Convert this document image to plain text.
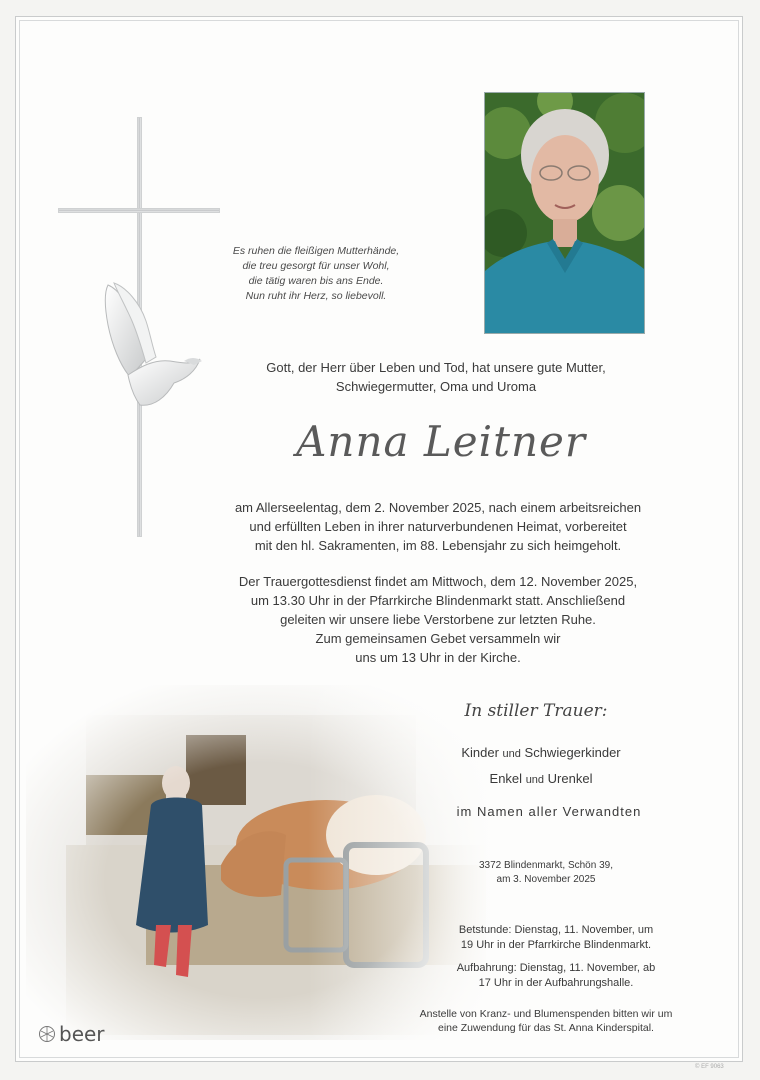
Es ruhen die fleißigen Mutterhände,
die treu gesorgt für unser Wohl,
die tätig waren bis ans Ende.
Nun ruht ihr Herz, so liebevoll.
Gott, der Herr über Leben und Tod, hat unsere gute Mutter,
Schwiegermutter, Oma und Uroma
Anna Leitner
am Allerseelentag, dem 2. November 2025, nach einem arbeitsreichen
und erfüllten Leben in ihrer naturverbundenen Heimat, vorbereitet
mit den hl. Sakramenten, im 88. Lebensjahr zu sich heimgeholt.
Der Trauergottesdienst findet am Mittwoch, dem 12. November 2025,
um 13.30 Uhr in der Pfarrkirche Blindenmarkt statt. Anschließend
geleiten wir unsere liebe Verstorbene zur letzten Ruhe.
Zum gemeinsamen Gebet versammeln wir
uns um 13 Uhr in der Kirche.
In stiller Trauer:
Kinder und Schwiegerkinder
Enkel und Urenkel
im Namen aller Verwandten
3372 Blindenmarkt, Schön 39,
am 3. November 2025
Betstunde: Dienstag, 11. November, um
19 Uhr in der Pfarrkirche Blindenmarkt.
Aufbahrung: Dienstag, 11. November, ab
17 Uhr in der Aufbahrungshalle.
Anstelle von Kranz- und Blumenspenden bitten wir um
eine Zuwendung für das St. Anna Kinderspital.
beer
© EF 9063
